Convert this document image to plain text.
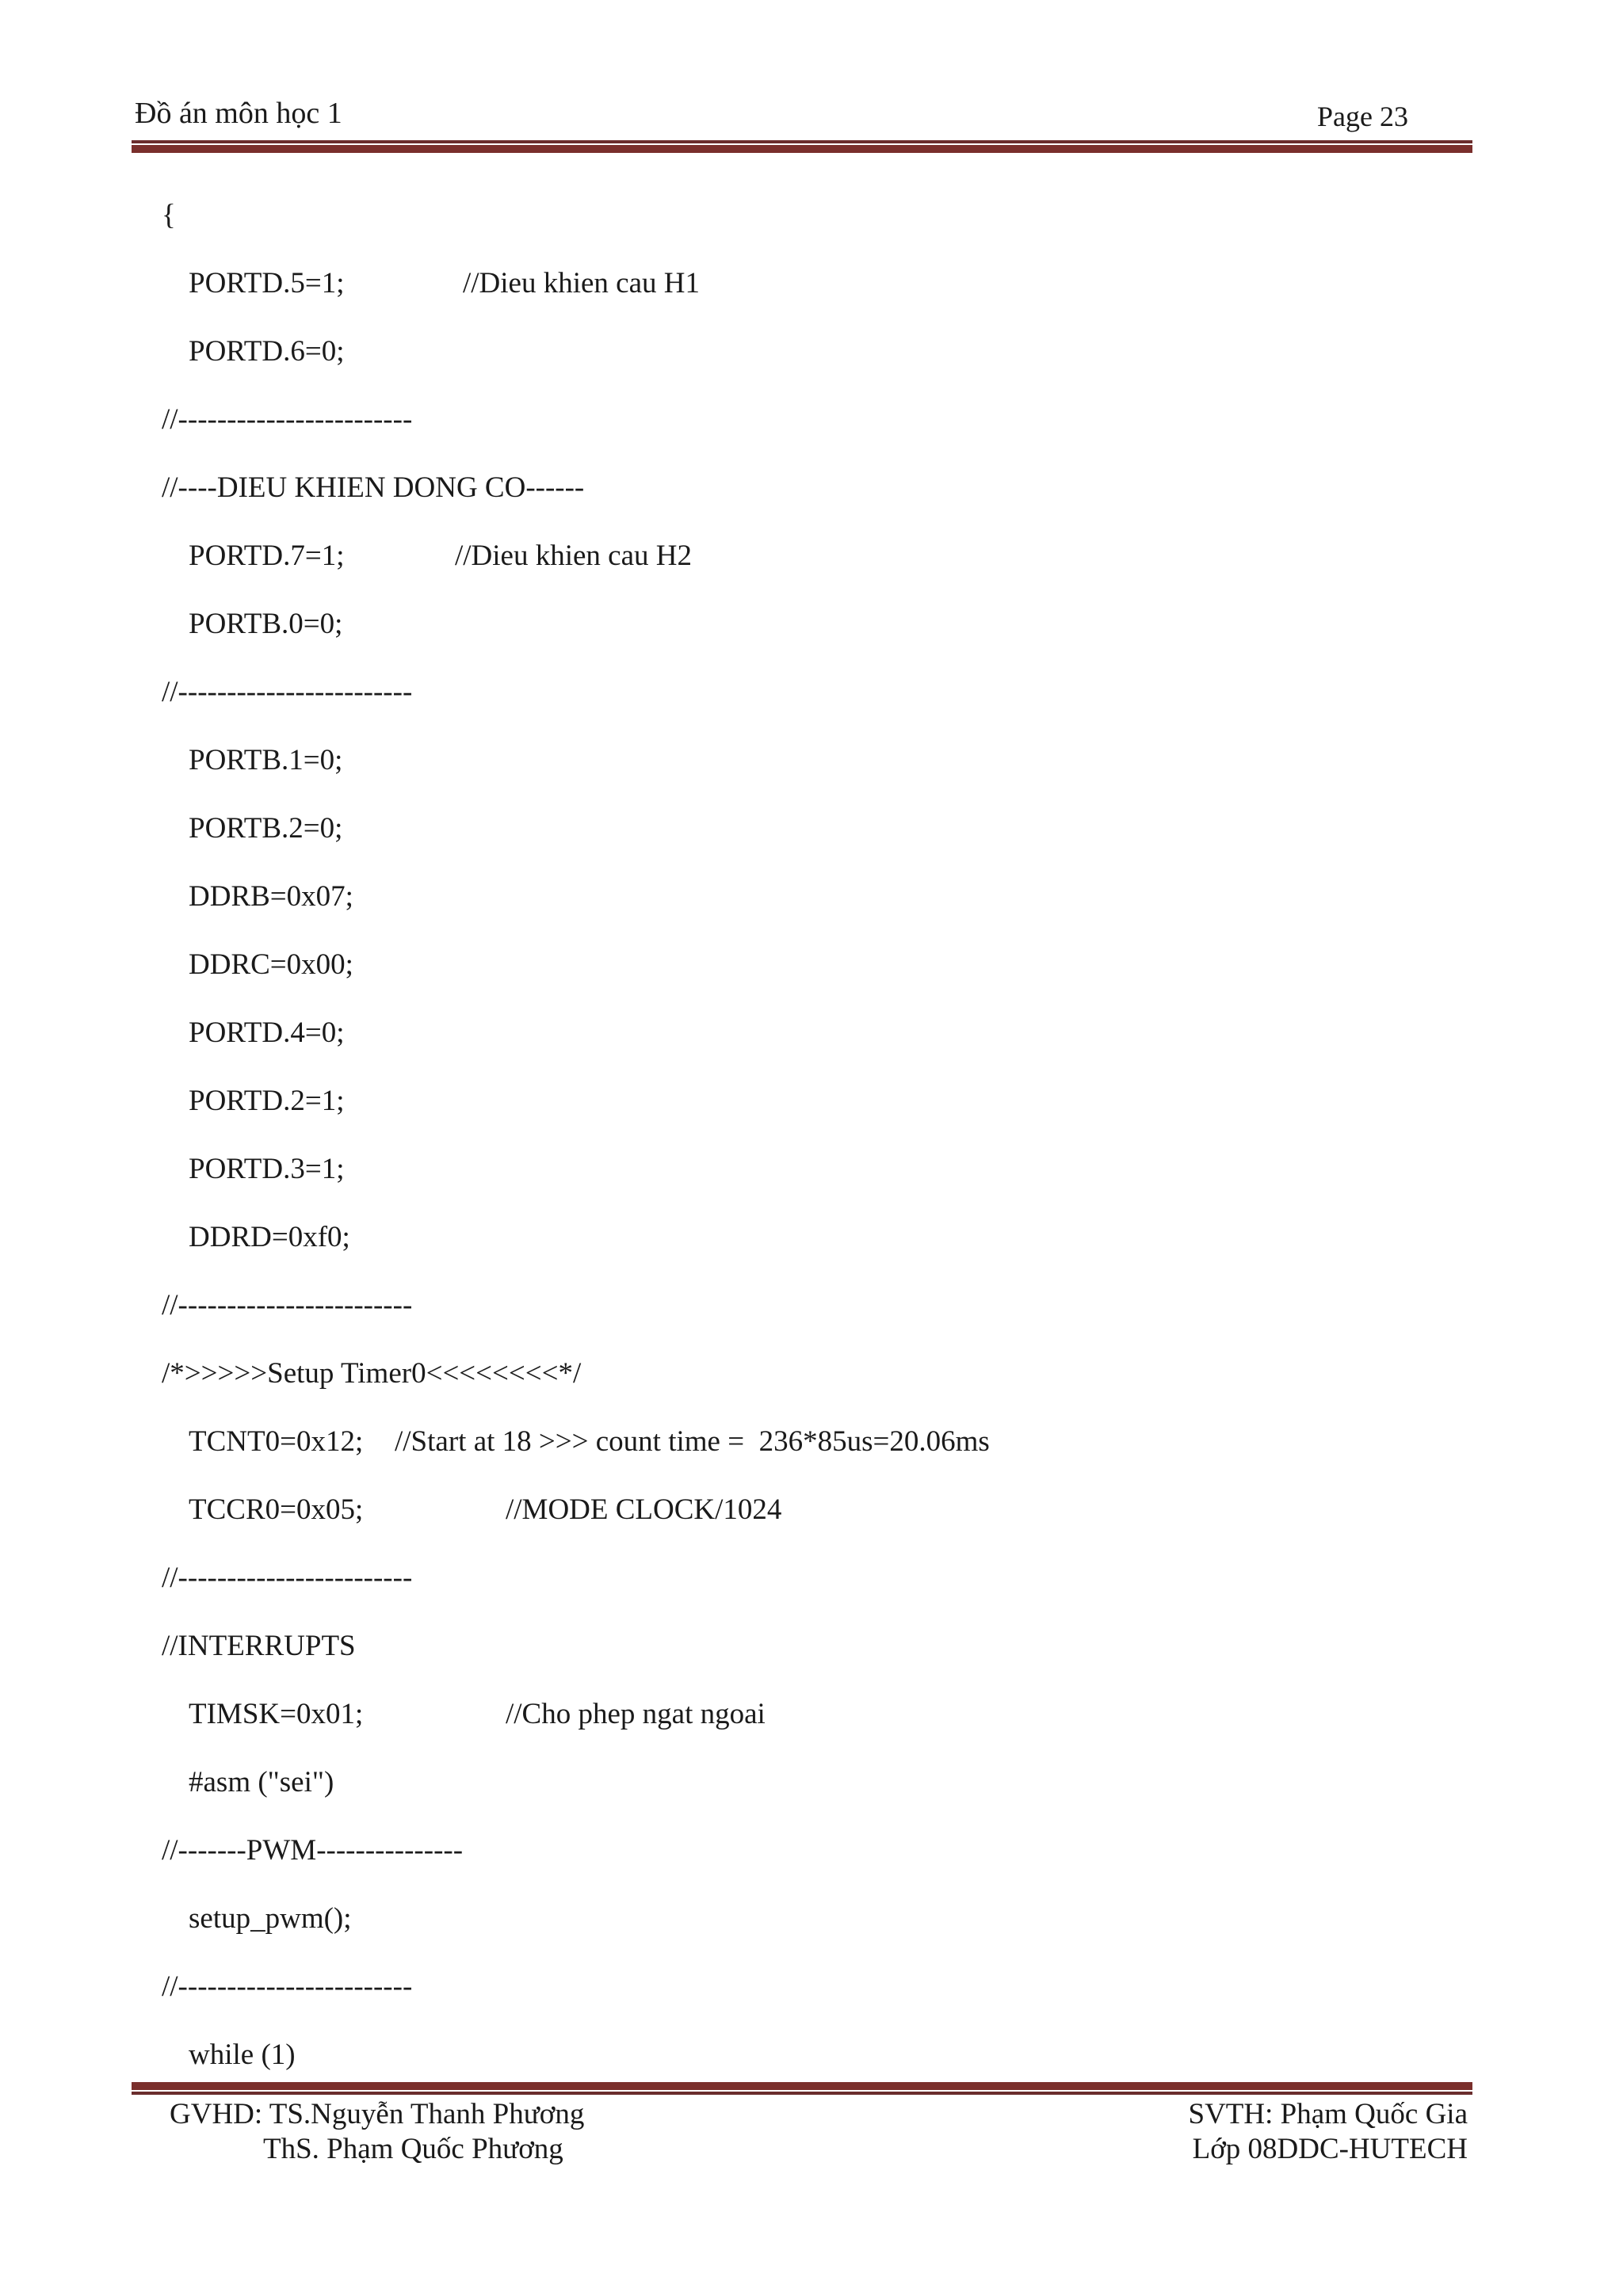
Đồ án môn học 1	Page 23
{
PORTD.5=1;	//Dieu khien cau H1
PORTD.6=0;
//------------------------
//----DIEU KHIEN DONG CO------
PORTD.7=1;	//Dieu khien cau H2
PORTB.0=0;
//------------------------
PORTB.1=0;
PORTB.2=0;
DDRB=0x07;
DDRC=0x00;
PORTD.4=0;
PORTD.2=1;
PORTD.3=1;
DDRD=0xf0;
//------------------------
/*>>>>>Setup Timer0<<<<<<<<*/
TCNT0=0x12; //Start at 18 >>> count time =  236*85us=20.06ms
TCCR0=0x05;	//MODE CLOCK/1024
//------------------------
//INTERRUPTS
TIMSK=0x01;	//Cho phep ngat ngoai
#asm ("sei")
//-------PWM---------------
setup_pwm();
//------------------------
while (1)
GVHD: TS.Nguyễn Thanh Phương
ThS. Phạm Quốc Phương
SVTH: Phạm Quốc Gia
Lớp 08DDC-HUTECH
